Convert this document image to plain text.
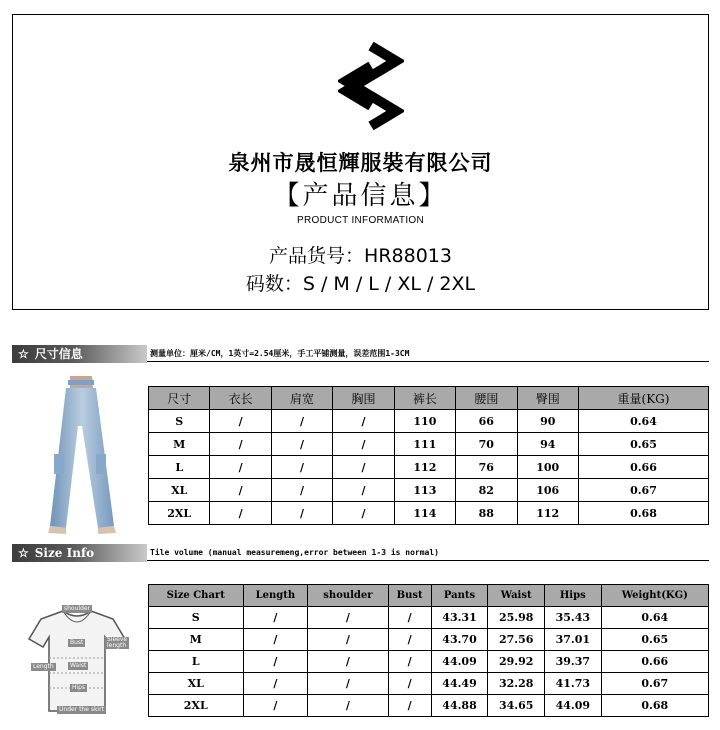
泉州市晟恒輝服裝有限公司
【产品信息】
PRODUCT INFORMATION
产品货号：HR88013
码数：S / M / L / XL / 2XL
☆ 尺寸信息	测量单位：厘米/CM，1英寸=2.54厘米，手工平铺测量，误差范围1-3CM
尺寸	衣长	肩宽	胸围	裤长	腰围	臀围	重量(KG)
S	/	/	/	110	66	90	0.64
M	/	/	/	111	70	94	0.65
L	/	/	/	112	76	100	0.66
XL	/	/	/	113	82	106	0.67
2XL	/	/	/	114	88	112	0.68
☆ Size Info	Tile volume (manual measuremeng,error between 1-3 is normal)
shoulder
Bust
Waist
Hips
Length
Sleeve length
Under the skirt
Size Chart	Length	shoulder	Bust	Pants	Waist	Hips	Weight(KG)
S	/	/	/	43.31	25.98	35.43	0.64
M	/	/	/	43.70	27.56	37.01	0.65
L	/	/	/	44.09	29.92	39.37	0.66
XL	/	/	/	44.49	32.28	41.73	0.67
2XL	/	/	/	44.88	34.65	44.09	0.68
